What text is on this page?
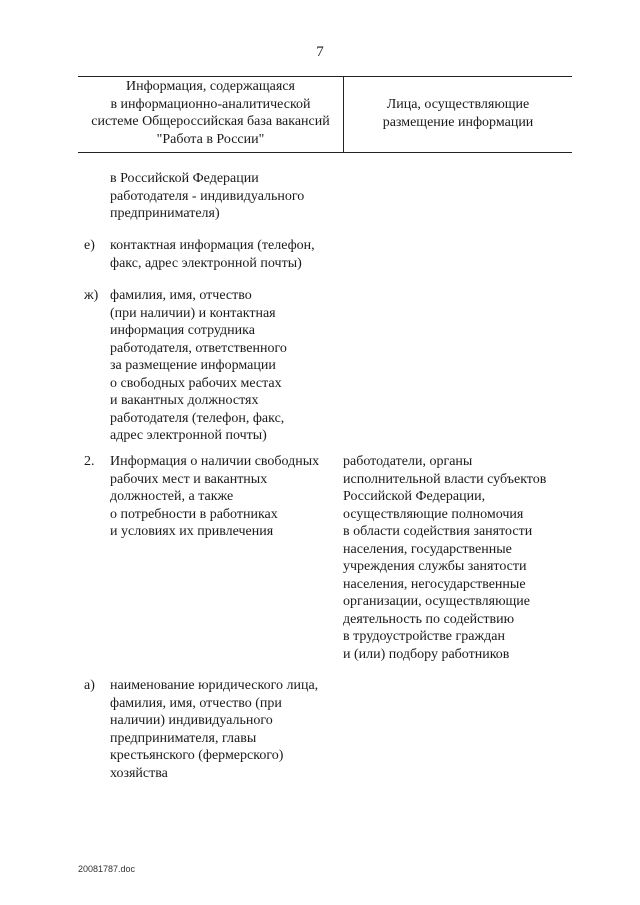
7
Информация, содержащаяся
в информационно-аналитической
системе Общероссийская база вакансий
"Работа в России"
Лица, осуществляющие
размещение информации
в Российской Федерации
работодателя - индивидуального
предпринимателя)
е) контактная информация (телефон,
факс, адрес электронной почты)
ж) фамилия, имя, отчество
(при наличии) и контактная
информация сотрудника
работодателя, ответственного
за размещение информации
о свободных рабочих местах
и вакантных должностях
работодателя (телефон, факс,
адрес электронной почты)
2. Информация о наличии свободных
рабочих мест и вакантных
должностей, а также
о потребности в работниках
и условиях их привлечения
работодатели, органы
исполнительной власти субъектов
Российской Федерации,
осуществляющие полномочия
в области содействия занятости
населения, государственные
учреждения службы занятости
населения, негосударственные
организации, осуществляющие
деятельность по содействию
в трудоустройстве граждан
и (или) подбору работников
а) наименование юридического лица,
фамилия, имя, отчество (при
наличии) индивидуального
предпринимателя, главы
крестьянского (фермерского)
хозяйства
20081787.doc
